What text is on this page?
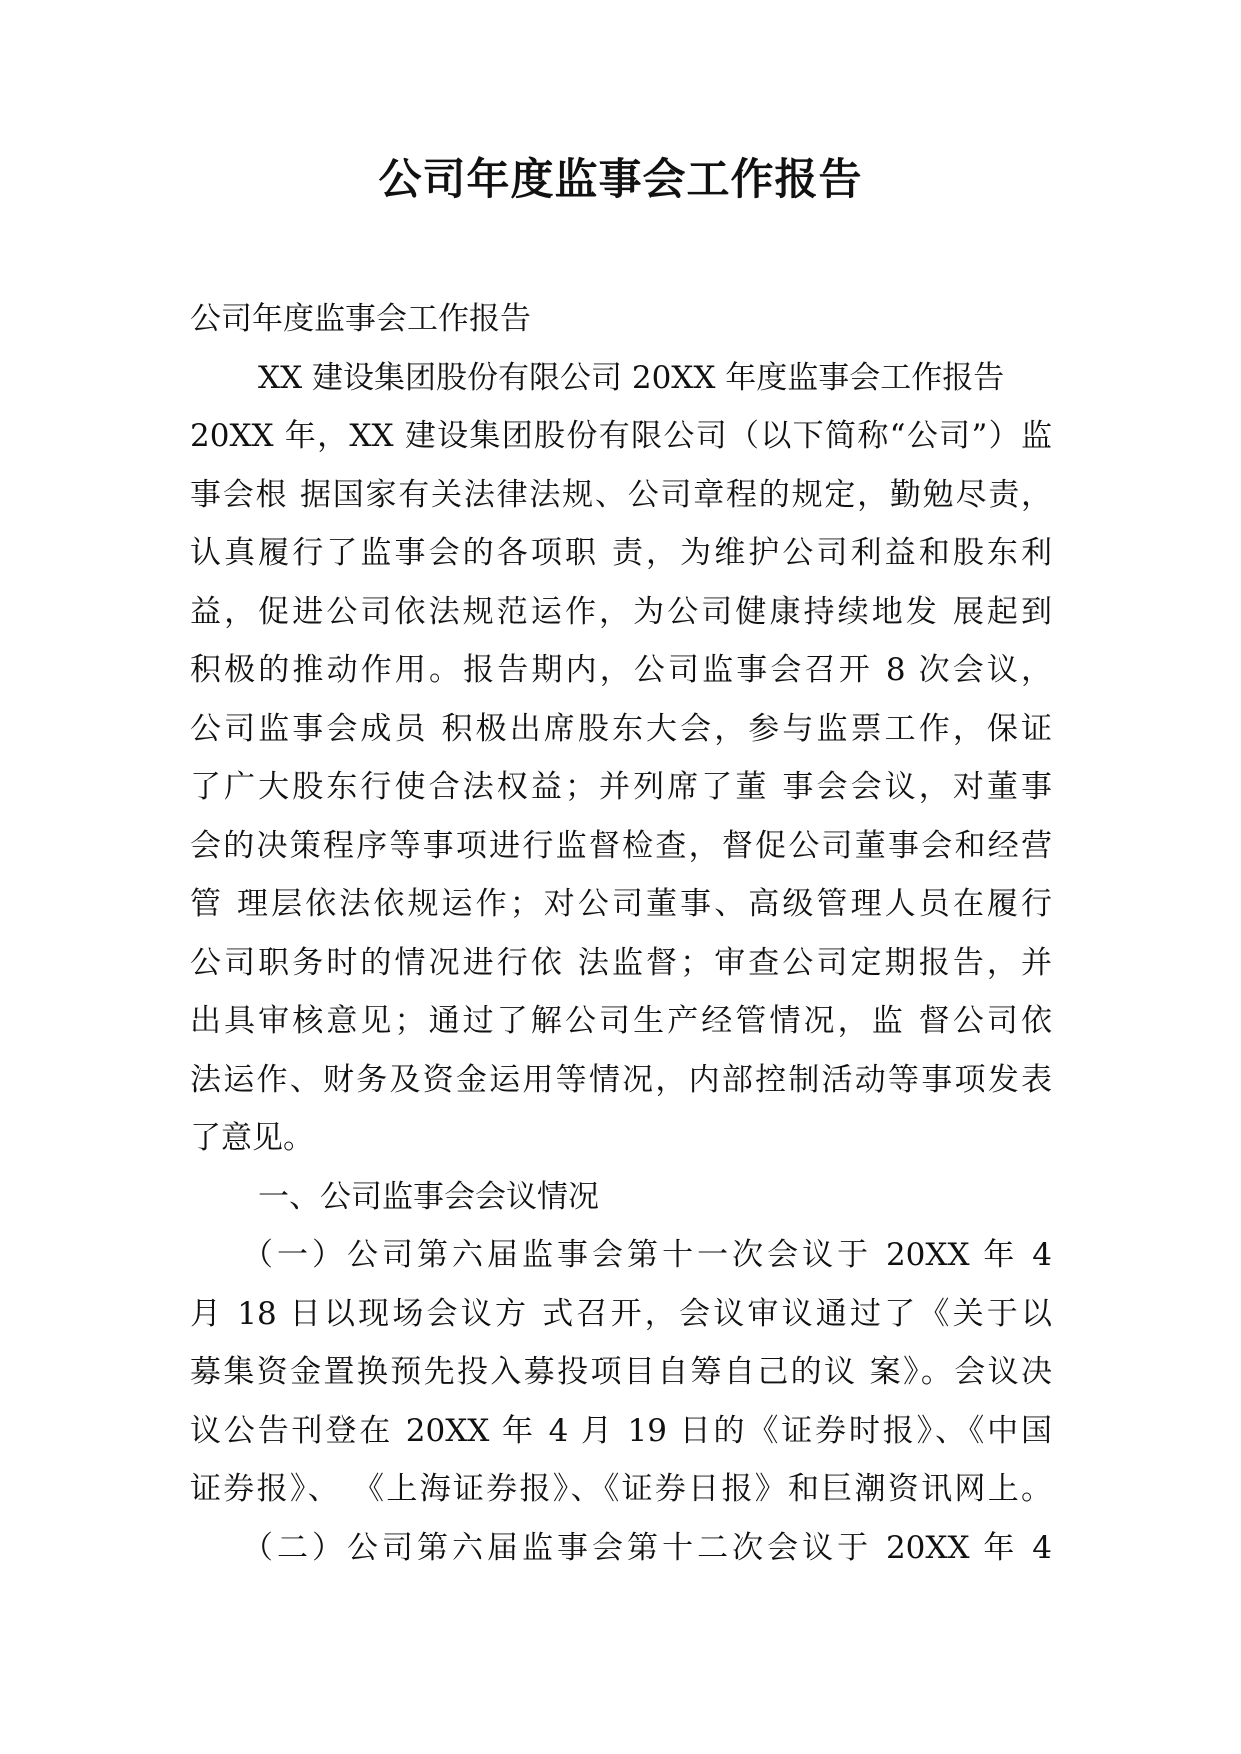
公司年度监事会工作报告
公司年度监事会工作报告
XX 建设集团股份有限公司 20XX 年度监事会工作报告
20XX 年，XX 建设集团股份有限公司（以下简称“公司”）监
事会根 据国家有关法律法规、公司章程的规定，勤勉尽责，
认真履行了监事会的各项职 责，为维护公司利益和股东利
益，促进公司依法规范运作，为公司健康持续地发 展起到
积极的推动作用。报告期内，公司监事会召开 8 次会议，
公司监事会成员 积极出席股东大会，参与监票工作，保证
了广大股东行使合法权益；并列席了董 事会会议，对董事
会的决策程序等事项进行监督检查，督促公司董事会和经营
管 理层依法依规运作；对公司董事、高级管理人员在履行
公司职务时的情况进行依 法监督；审查公司定期报告，并
出具审核意见；通过了解公司生产经管情况，监 督公司依
法运作、财务及资金运用等情况，内部控制活动等事项发表
了意见。
一、公司监事会会议情况
（一）公司第六届监事会第十一次会议于 20XX 年 4
月 18 日以现场会议方 式召开，会议审议通过了《关于以
募集资金置换预先投入募投项目自筹自己的议 案》。会议决
议公告刊登在 20XX 年 4 月 19 日的《证券时报》、《中国
证券报》、 《上海证券报》、《证券日报》和巨潮资讯网上。
（二）公司第六届监事会第十二次会议于 20XX 年 4
